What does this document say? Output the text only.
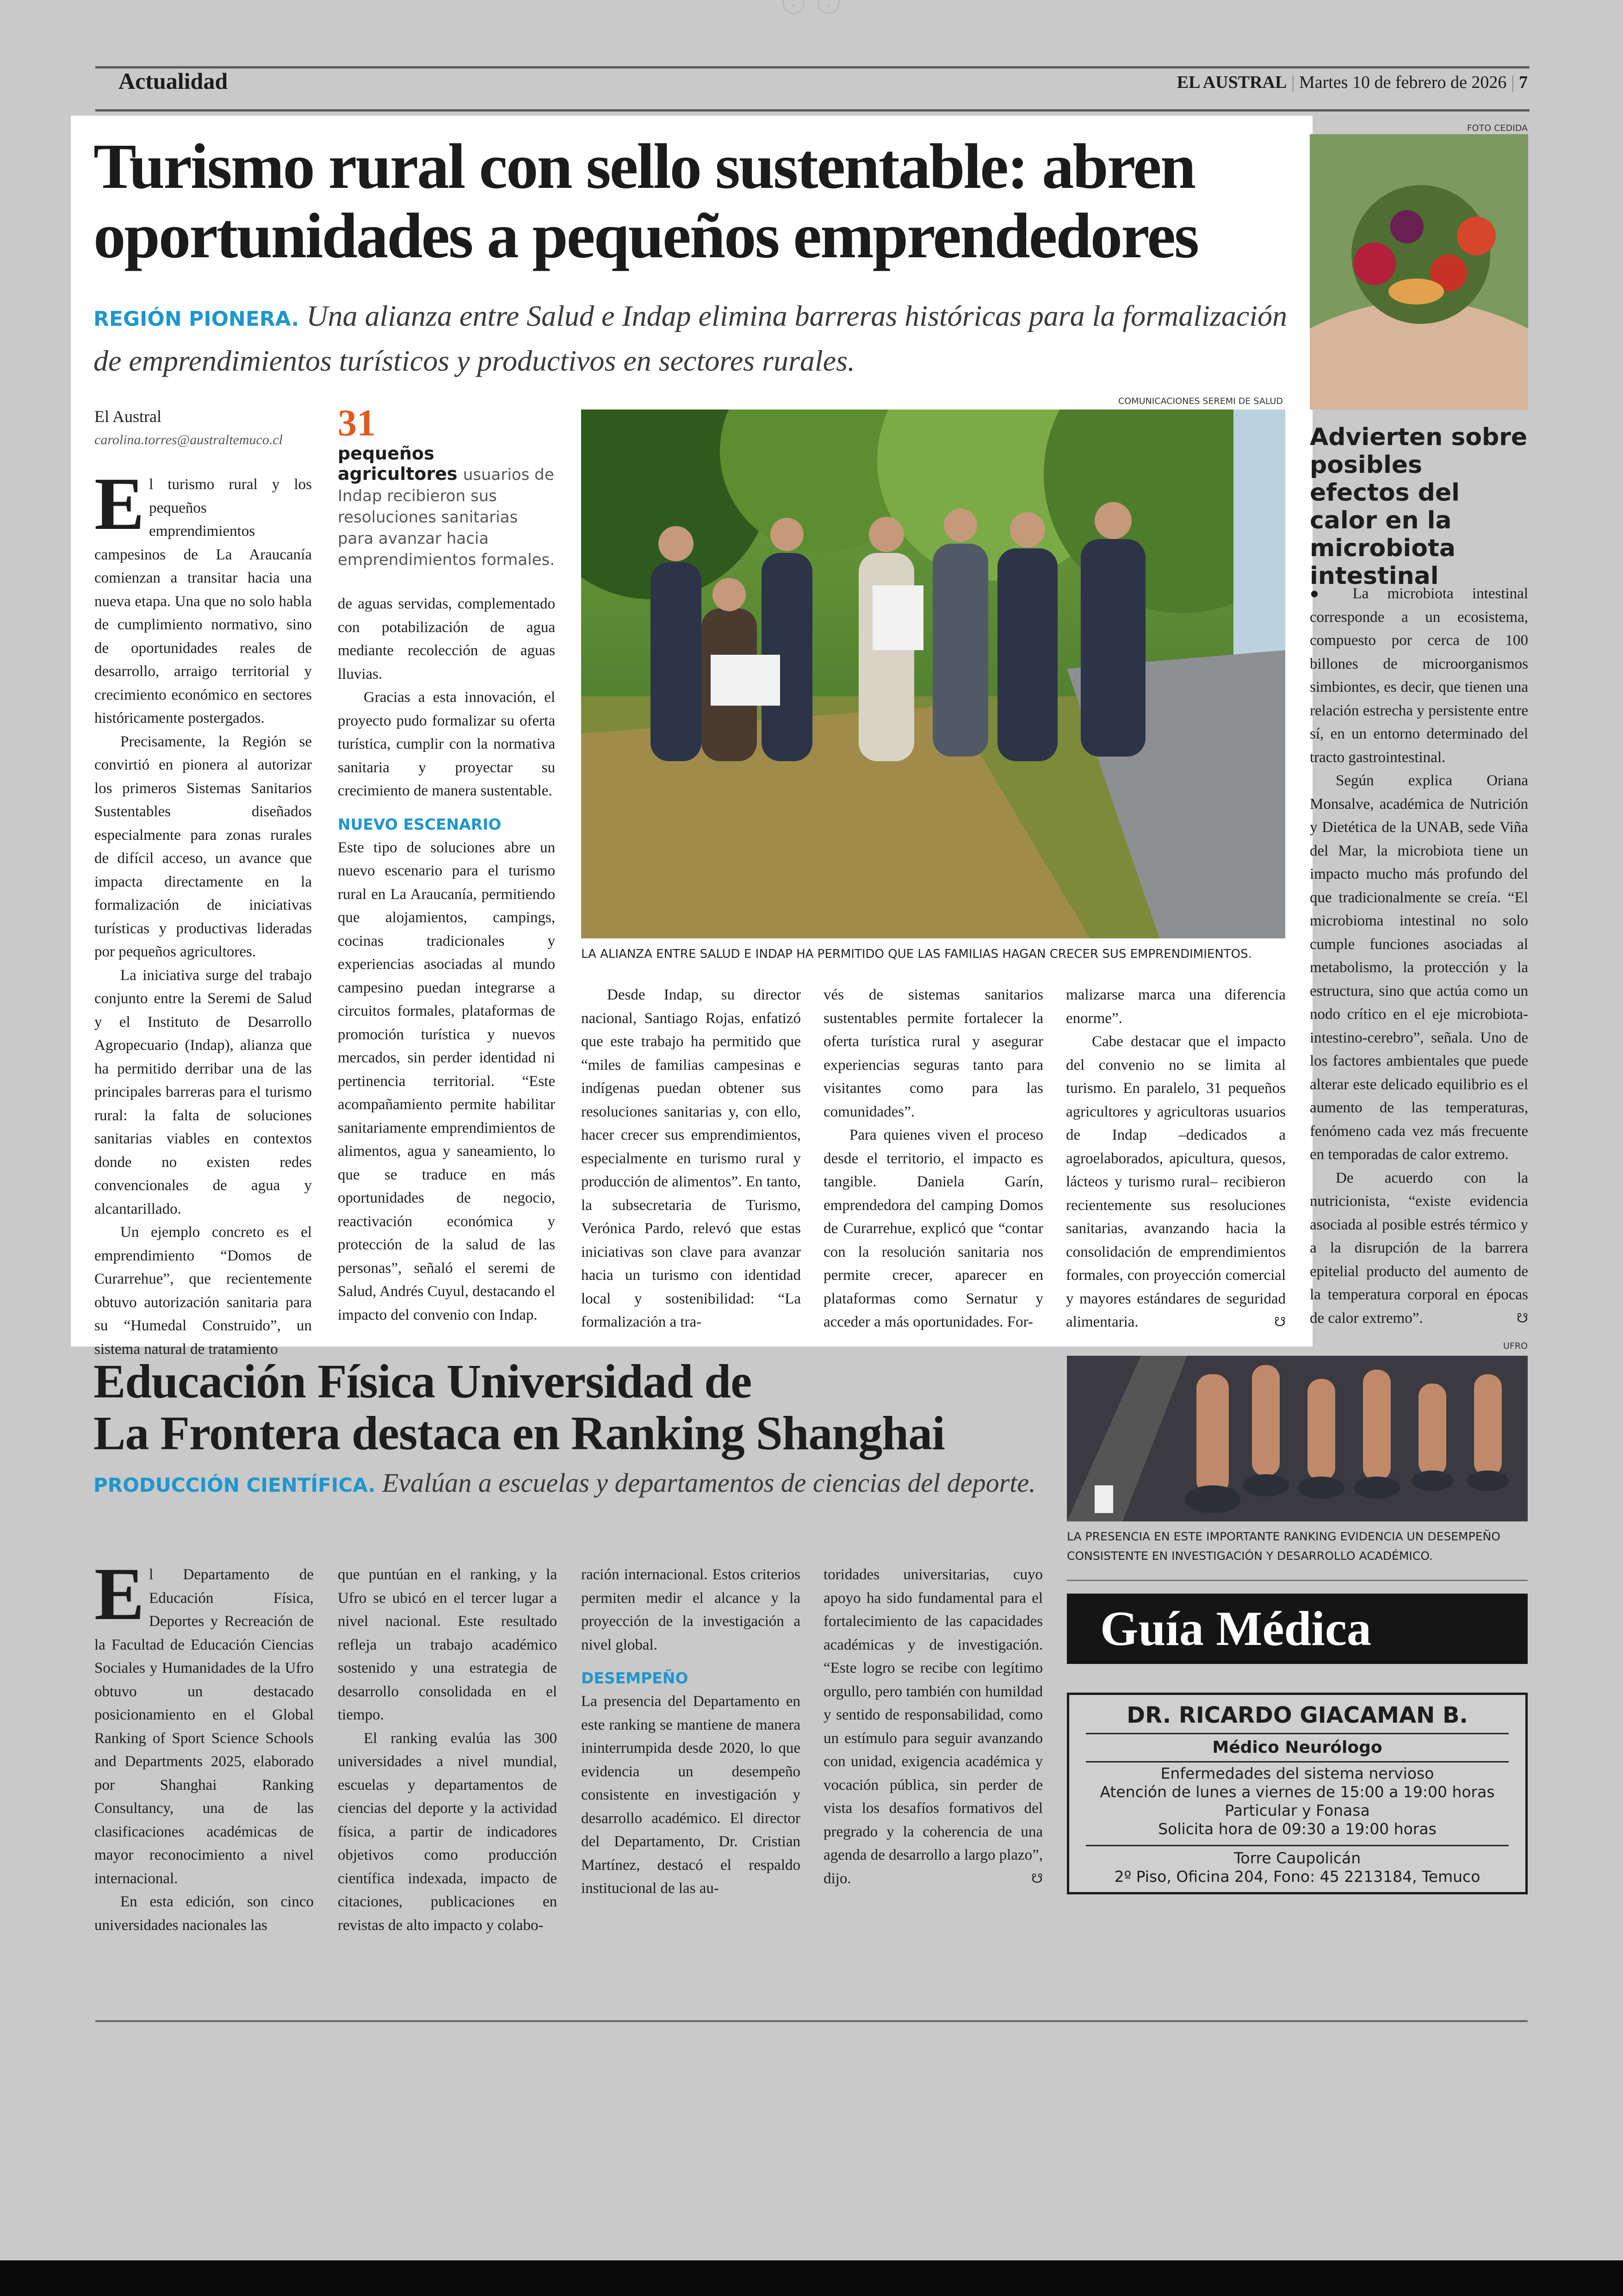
‹	›
Actualidad	EL AUSTRAL | Martes 10 de febrero de 2026 | 7
Turismo rural con sello sustentable: abren oportunidades a pequeños emprendedores
REGIÓN PIONERA. Una alianza entre Salud e Indap elimina barreras históricas para la formalización de emprendimientos turísticos y productivos en sectores rurales.
El Austral
carolina.torres@australtemuco.cl

El turismo rural y los pequeños emprendimientos campesinos de La Araucanía comienzan a transitar hacia una nueva etapa. Una que no solo habla de cumplimiento normativo, sino de oportunidades reales de desarrollo, arraigo territorial y crecimiento económico en sectores históricamente postergados.

Precisamente, la Región se convirtió en pionera al autorizar los primeros Sistemas Sanitarios Sustentables diseñados especialmente para zonas rurales de difícil acceso, un avance que impacta directamente en la formalización de iniciativas turísticas y productivas lideradas por pequeños agricultores.

La iniciativa surge del trabajo conjunto entre la Seremi de Salud y el Instituto de Desarrollo Agropecuario (Indap), alianza que ha permitido derribar una de las principales barreras para el turismo rural: la falta de soluciones sanitarias viables en contextos donde no existen redes convencionales de agua y alcantarillado.

Un ejemplo concreto es el emprendimiento “Domos de Curarrehue”, que recientemente obtuvo autorización sanitaria para su “Humedal Construido”, un sistema natural de tratamiento

31
pequeños agricultores usuarios de Indap recibieron sus resoluciones sanitarias para avanzar hacia emprendimientos formales.

de aguas servidas, complementado con potabilización de agua mediante recolección de aguas lluvias.

Gracias a esta innovación, el proyecto pudo formalizar su oferta turística, cumplir con la normativa sanitaria y proyectar su crecimiento de manera sustentable.

NUEVO ESCENARIO

Este tipo de soluciones abre un nuevo escenario para el turismo rural en La Araucanía, permitiendo que alojamientos, campings, cocinas tradicionales y experiencias asociadas al mundo campesino puedan integrarse a circuitos formales, plataformas de promoción turística y nuevos mercados, sin perder identidad ni pertinencia territorial. “Este acompañamiento permite habilitar sanitariamente emprendimientos de alimentos, agua y saneamiento, lo que se traduce en más oportunidades de negocio, reactivación económica y protección de la salud de las personas”, señaló el seremi de Salud, Andrés Cuyul, destacando el impacto del convenio con Indap.

COMUNICACIONES SEREMI DE SALUD
LA ALIANZA ENTRE SALUD E INDAP HA PERMITIDO QUE LAS FAMILIAS HAGAN CRECER SUS EMPRENDIMIENTOS.

Desde Indap, su director nacional, Santiago Rojas, enfatizó que este trabajo ha permitido que “miles de familias campesinas e indígenas puedan obtener sus resoluciones sanitarias y, con ello, hacer crecer sus emprendimientos, especialmente en turismo rural y producción de alimentos”. En tanto, la subsecretaria de Turismo, Verónica Pardo, relevó que estas iniciativas son clave para avanzar hacia un turismo con identidad local y sostenibilidad: “La formalización a tra-

vés de sistemas sanitarios sustentables permite fortalecer la oferta turística rural y asegurar experiencias seguras tanto para visitantes como para las comunidades”.

Para quienes viven el proceso desde el territorio, el impacto es tangible. Daniela Garín, emprendedora del camping Domos de Curarrehue, explicó que “contar con la resolución sanitaria nos permite crecer, aparecer en plataformas como Sernatur y acceder a más oportunidades. For-

malizarse marca una diferencia enorme”.

Cabe destacar que el impacto del convenio no se limita al turismo. En paralelo, 31 pequeños agricultores y agricultoras usuarios de Indap –dedicados a agroelaborados, apicultura, quesos, lácteos y turismo rural– recibieron recientemente sus resoluciones sanitarias, avanzando hacia la consolidación de emprendimientos formales, con proyección comercial y mayores estándares de seguridad alimentaria.	☋

FOTO CEDIDA
Advierten sobre posibles efectos del calor en la microbiota intestinal

● La microbiota intestinal corresponde a un ecosistema, compuesto por cerca de 100 billones de microorganismos simbiontes, es decir, que tienen una relación estrecha y persistente entre sí, en un entorno determinado del tracto gastrointestinal.

Según explica Oriana Monsalve, académica de Nutrición y Dietética de la UNAB, sede Viña del Mar, la microbiota tiene un impacto mucho más profundo del que tradicionalmente se creía. “El microbioma intestinal no solo cumple funciones asociadas al metabolismo, la protección y la estructura, sino que actúa como un nodo crítico en el eje microbiota-intestino-cerebro”, señala. Uno de los factores ambientales que puede alterar este delicado equilibrio es el aumento de las temperaturas, fenómeno cada vez más frecuente en temporadas de calor extremo.

De acuerdo con la nutricionista, “existe evidencia asociada al posible estrés térmico y a la disrupción de la barrera epitelial producto del aumento de la temperatura corporal en épocas de calor extremo”.	☋

Educación Física Universidad de
La Frontera destaca en Ranking Shanghai
PRODUCCIÓN CIENTÍFICA. Evalúan a escuelas y departamentos de ciencias del deporte.
UFRO
LA PRESENCIA EN ESTE IMPORTANTE RANKING EVIDENCIA UN DESEMPEÑO CONSISTENTE EN INVESTIGACIÓN Y DESARROLLO ACADÉMICO.

El Departamento de Educación Física, Deportes y Recreación de la Facultad de Educación Ciencias Sociales y Humanidades de la Ufro obtuvo un destacado posicionamiento en el Global Ranking of Sport Science Schools and Departments 2025, elaborado por Shanghai Ranking Consultancy, una de las clasificaciones académicas de mayor reconocimiento a nivel internacional.

En esta edición, son cinco universidades nacionales las

que puntúan en el ranking, y la Ufro se ubicó en el tercer lugar a nivel nacional. Este resultado refleja un trabajo académico sostenido y una estrategia de desarrollo consolidada en el tiempo.

El ranking evalúa las 300 universidades a nivel mundial, escuelas y departamentos de ciencias del deporte y la actividad física, a partir de indicadores objetivos como producción científica indexada, impacto de citaciones, publicaciones en revistas de alto impacto y colabo-

ración internacional. Estos criterios permiten medir el alcance y la proyección de la investigación a nivel global.

DESEMPEÑO

La presencia del Departamento en este ranking se mantiene de manera ininterrumpida desde 2020, lo que evidencia un desempeño consistente en investigación y desarrollo académico. El director del Departamento, Dr. Cristian Martínez, destacó el respaldo institucional de las au-

toridades universitarias, cuyo apoyo ha sido fundamental para el fortalecimiento de las capacidades académicas y de investigación. “Este logro se recibe con legítimo orgullo, pero también con humildad y sentido de responsabilidad, como un estímulo para seguir avanzando con unidad, exigencia académica y vocación pública, sin perder de vista los desafíos formativos del pregrado y la coherencia de una agenda de desarrollo a largo plazo”, dijo.	☋

Guía Médica
DR. RICARDO GIACAMAN B.
Médico Neurólogo
Enfermedades del sistema nervioso
Atención de lunes a viernes de 15:00 a 19:00 horas
Particular y Fonasa
Solicita hora de 09:30 a 19:00 horas
Torre Caupolicán
2º Piso, Oficina 204, Fono: 45 2213184, Temuco
